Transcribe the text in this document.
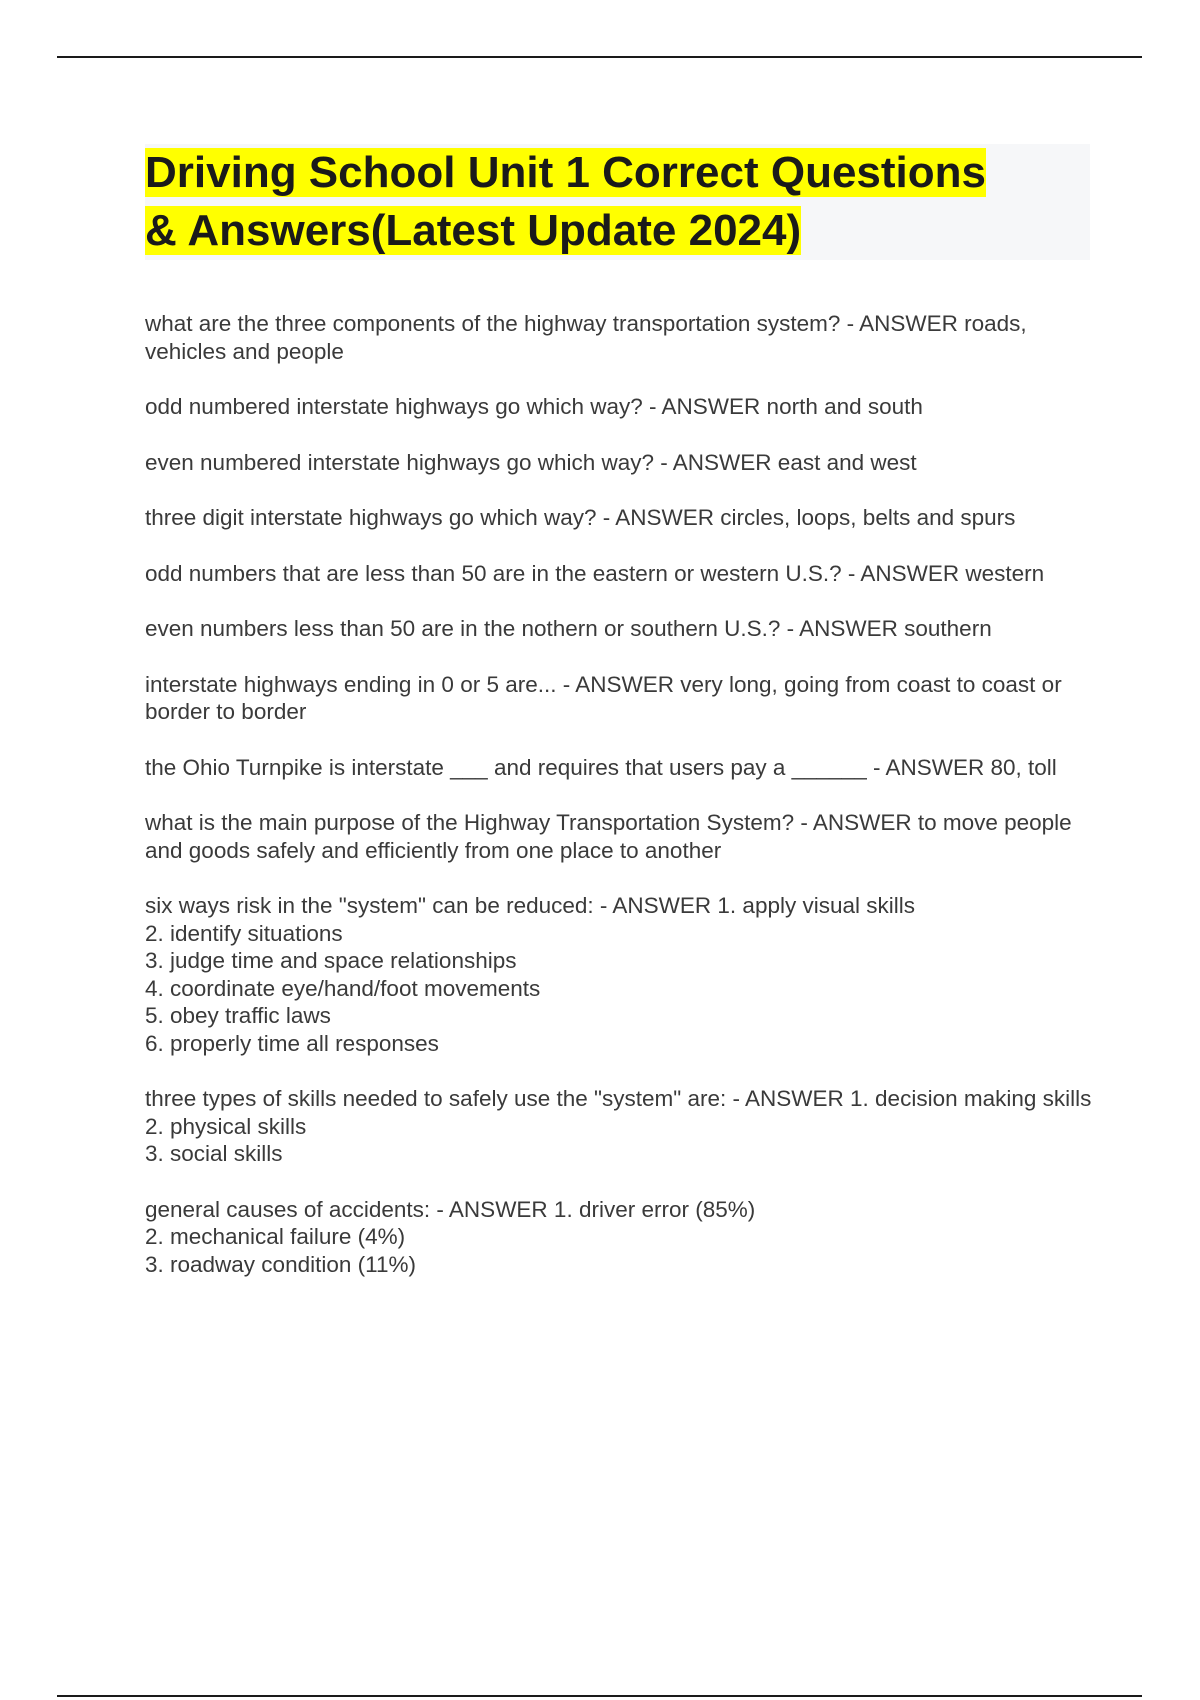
Driving School Unit 1 Correct Questions
& Answers(Latest Update 2024)
what are the three components of the highway transportation system? - ANSWER roads, vehicles and people
odd numbered interstate highways go which way? - ANSWER north and south
even numbered interstate highways go which way? - ANSWER east and west
three digit interstate highways go which way? - ANSWER circles, loops, belts and spurs
odd numbers that are less than 50 are in the eastern or western U.S.? - ANSWER western
even numbers less than 50 are in the nothern or southern U.S.? - ANSWER southern
interstate highways ending in 0 or 5 are... - ANSWER very long, going from coast to coast or border to border
the Ohio Turnpike is interstate ___ and requires that users pay a ______ - ANSWER 80, toll
what is the main purpose of the Highway Transportation System? - ANSWER to move people and goods safely and efficiently from one place to another
six ways risk in the "system" can be reduced: - ANSWER 1. apply visual skills
2. identify situations
3. judge time and space relationships
4. coordinate eye/hand/foot movements
5. obey traffic laws
6. properly time all responses
three types of skills needed to safely use the "system" are: - ANSWER 1. decision making skills
2. physical skills
3. social skills
general causes of accidents: - ANSWER 1. driver error (85%)
2. mechanical failure (4%)
3. roadway condition (11%)
